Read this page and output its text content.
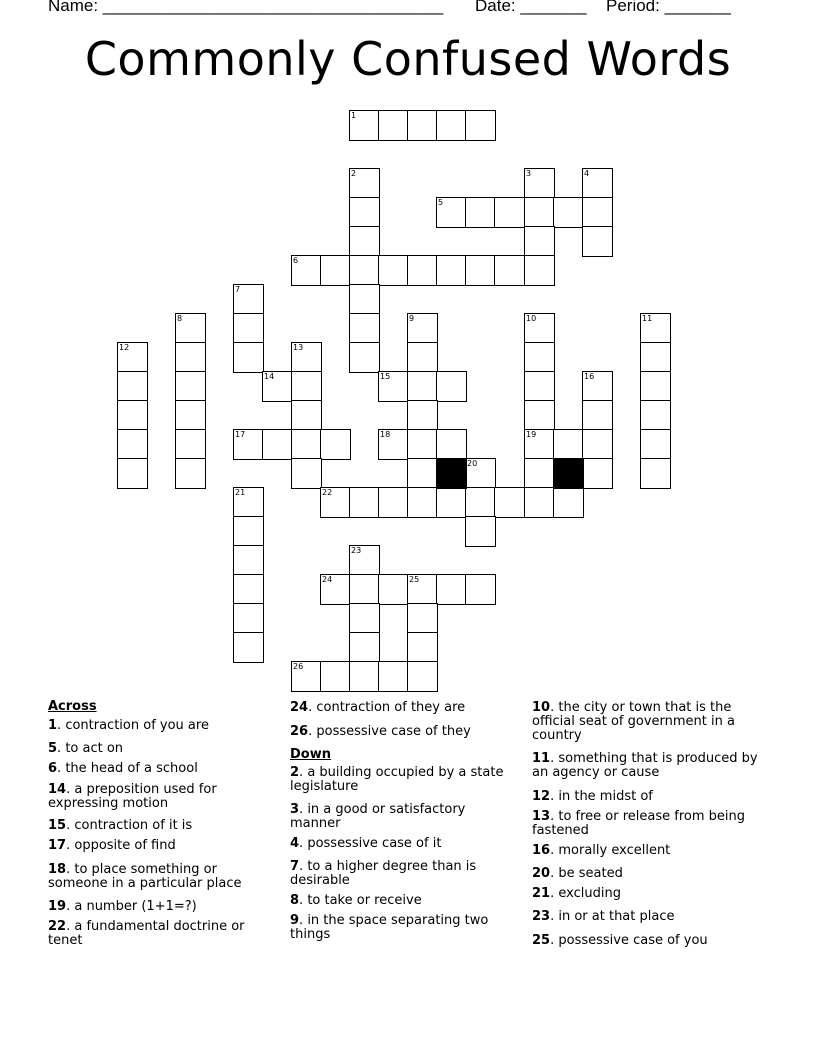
Name: ____________________________________ Date: _______ Period: _______
Commonly Confused Words
1
2	3	4
5
6
7
8	9	10	11
12	13
14	15	16
17	18	19
20
21	22
23
24	25
26
Across
1. contraction of you are
5. to act on
6. the head of a school
14. a preposition used for expressing motion
15. contraction of it is
17. opposite of find
18. to place something or someone in a particular place
19. a number (1+1=?)
22. a fundamental doctrine or tenet
24. contraction of they are
26. possessive case of they
Down
2. a building occupied by a state legislature
3. in a good or satisfactory manner
4. possessive case of it
7. to a higher degree than is desirable
8. to take or receive
9. in the space separating two things
10. the city or town that is the official seat of government in a country
11. something that is produced by an agency or cause
12. in the midst of
13. to free or release from being fastened
16. morally excellent
20. be seated
21. excluding
23. in or at that place
25. possessive case of you
